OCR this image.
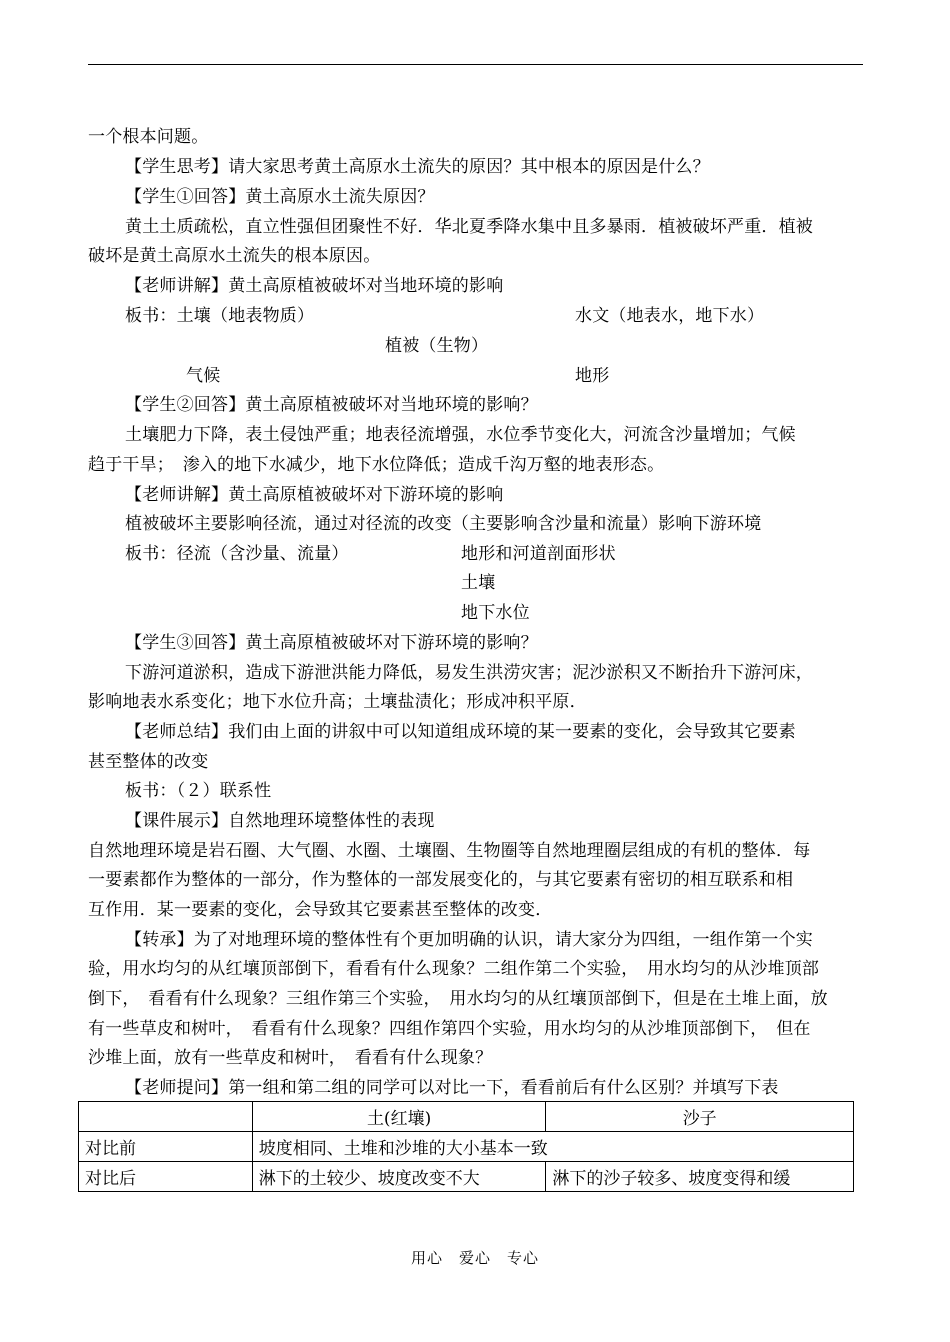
一个根本问题。
【学生思考】请大家思考黄土高原水土流失的原因？其中根本的原因是什么？
【学生①回答】黄土高原水土流失原因？
黄土土质疏松，直立性强但团聚性不好．华北夏季降水集中且多暴雨．植被破坏严重．植被
破坏是黄土高原水土流失的根本原因。
【老师讲解】黄土高原植被破坏对当地环境的影响
板书：土壤（地表物质）	水文（地表水，地下水）
植被（生物）
气候	地形
【学生②回答】黄土高原植被破坏对当地环境的影响？
土壤肥力下降，表土侵蚀严重；地表径流增强，水位季节变化大，河流含沙量增加；气候
趋于干旱；　渗入的地下水减少，地下水位降低；造成千沟万壑的地表形态。
【老师讲解】黄土高原植被破坏对下游环境的影响
植被破坏主要影响径流，通过对径流的改变（主要影响含沙量和流量）影响下游环境
板书：径流（含沙量、流量）	地形和河道剖面形状
土壤
地下水位
【学生③回答】黄土高原植被破坏对下游环境的影响？
下游河道淤积，造成下游泄洪能力降低，易发生洪涝灾害；泥沙淤积又不断抬升下游河床，
影响地表水系变化；地下水位升高；土壤盐渍化；形成冲积平原．
【老师总结】我们由上面的讲叙中可以知道组成环境的某一要素的变化，会导致其它要素
甚至整体的改变
板书：（２）联系性
【课件展示】自然地理环境整体性的表现
自然地理环境是岩石圈、大气圈、水圈、土壤圈、生物圈等自然地理圈层组成的有机的整体．每
一要素都作为整体的一部分，作为整体的一部发展变化的，与其它要素有密切的相互联系和相
互作用．某一要素的变化，会导致其它要素甚至整体的改变．
【转承】为了对地理环境的整体性有个更加明确的认识，请大家分为四组，一组作第一个实
验，用水均匀的从红壤顶部倒下，看看有什么现象？二组作第二个实验，　用水均匀的从沙堆顶部
倒下，　看看有什么现象？三组作第三个实验，　用水均匀的从红壤顶部倒下，但是在土堆上面，放
有一些草皮和树叶，　看看有什么现象？四组作第四个实验，用水均匀的从沙堆顶部倒下，　但在
沙堆上面，放有一些草皮和树叶，　看看有什么现象？
【老师提问】第一组和第二组的同学可以对比一下，看看前后有什么区别？并填写下表
	土(红壤)	沙子
对比前	坡度相同、土堆和沙堆的大小基本一致	
对比后	淋下的土较少、坡度改变不大	淋下的沙子较多、坡度变得和缓
用心　爱心　专心
